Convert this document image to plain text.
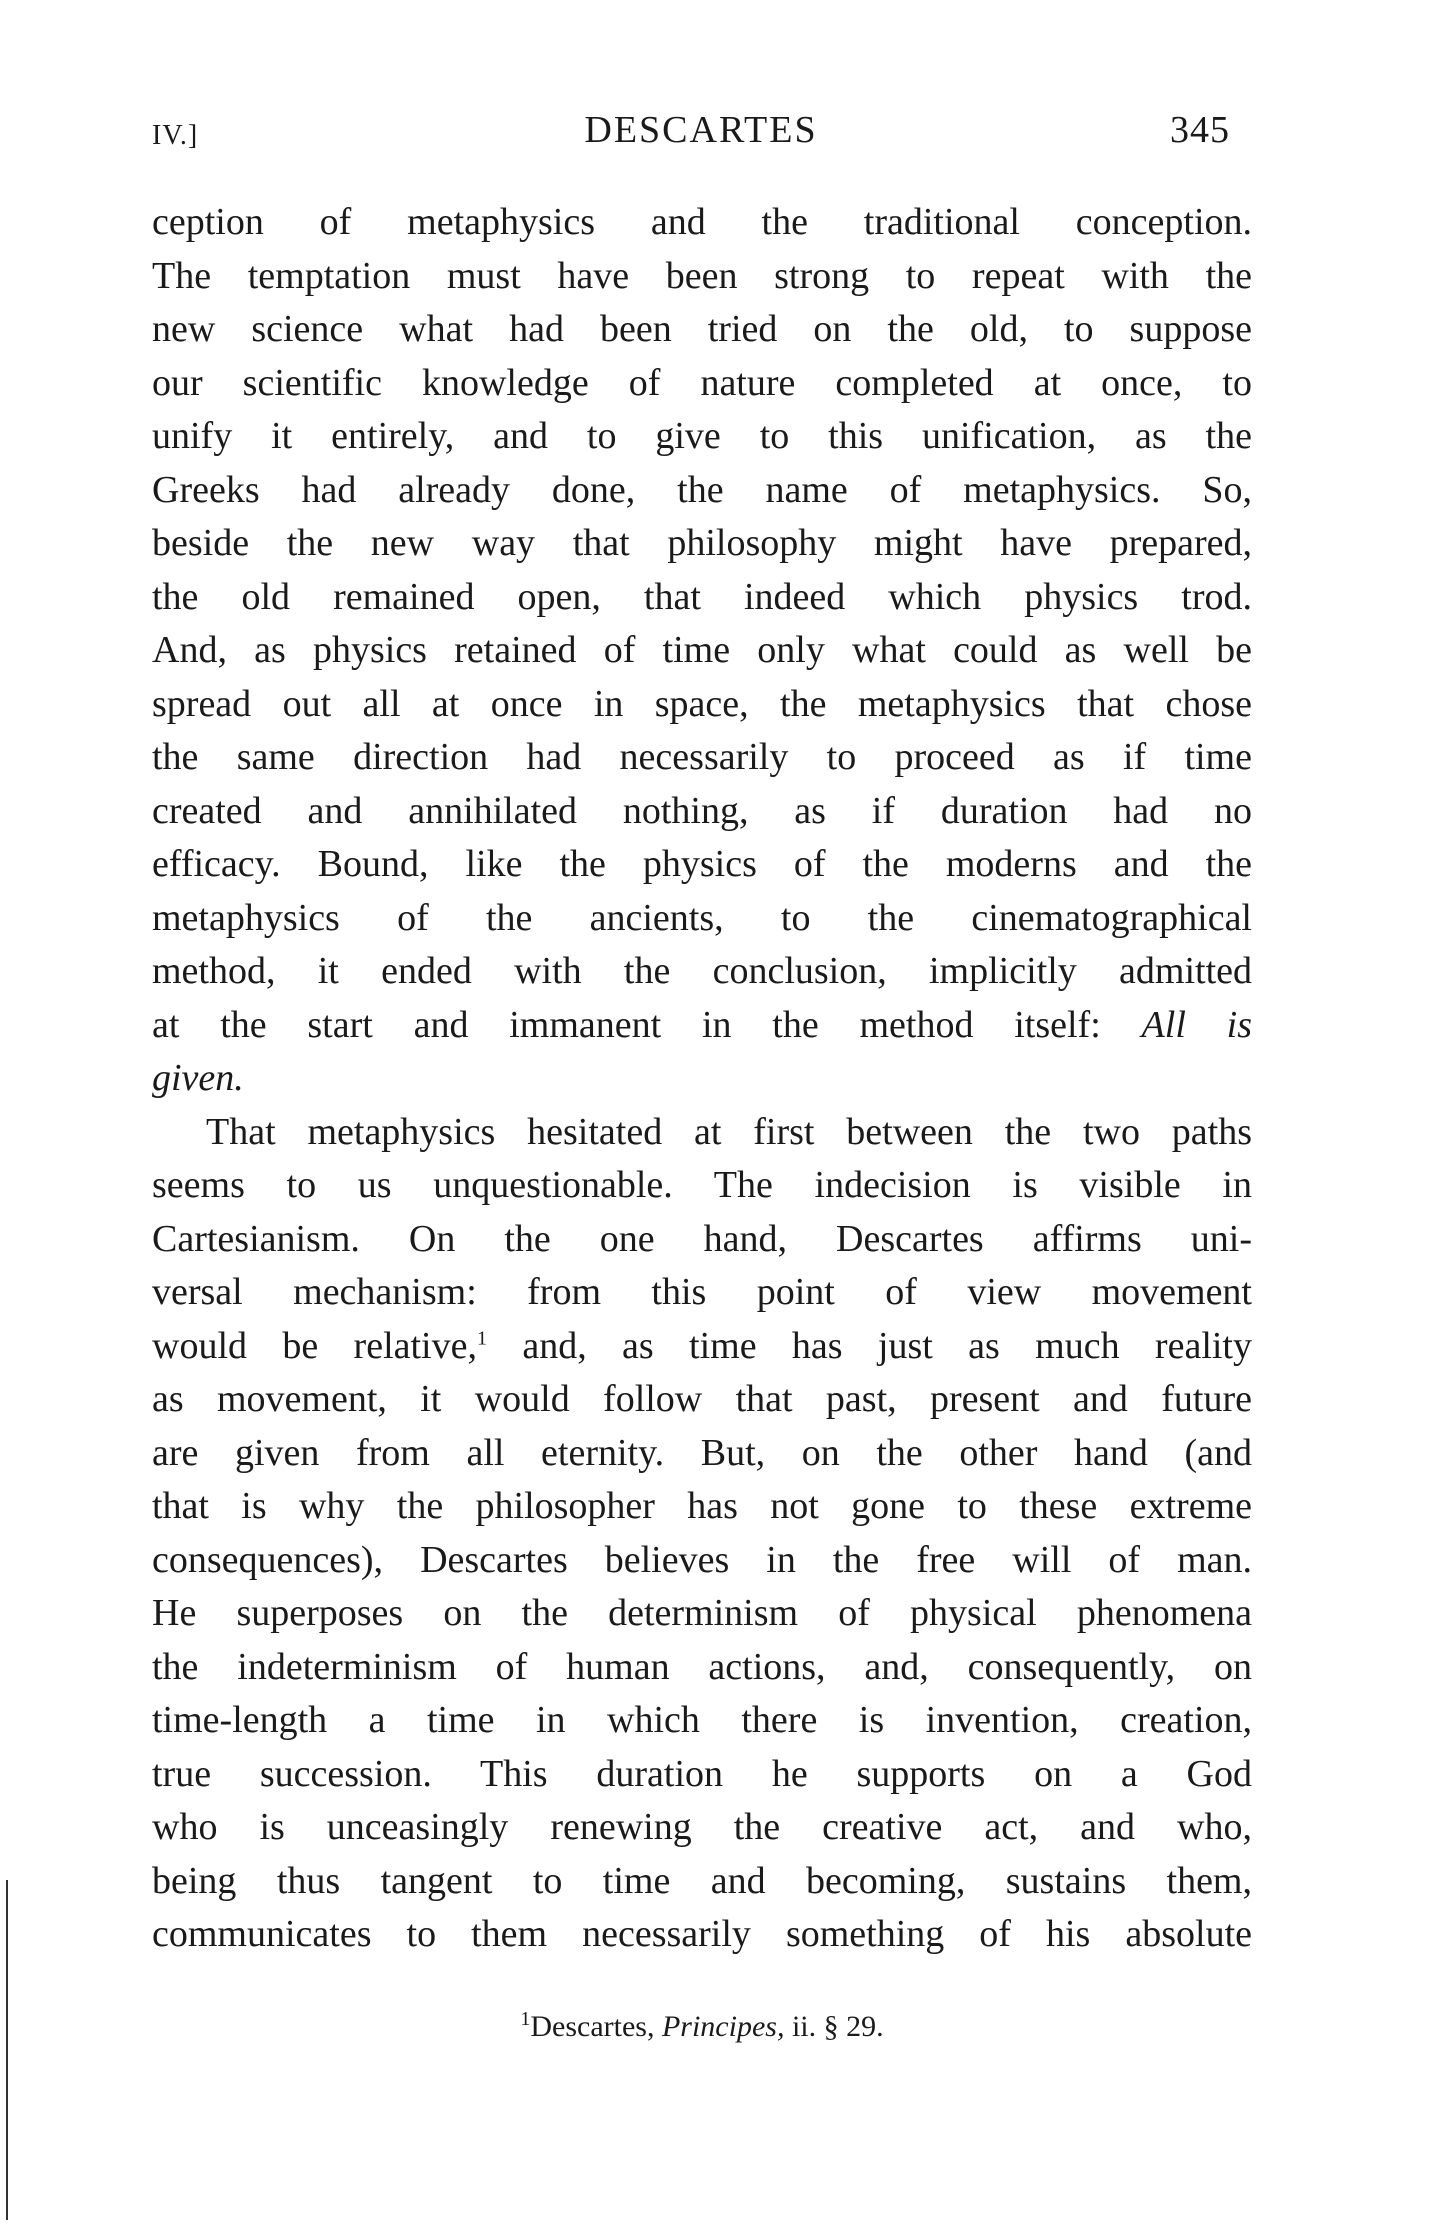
IV.]	DESCARTES	345
ception of metaphysics and the traditional conception.
The temptation must have been strong to repeat with the
new science what had been tried on the old, to suppose
our scientific knowledge of nature completed at once, to
unify it entirely, and to give to this unification, as the
Greeks had already done, the name of metaphysics. So,
beside the new way that philosophy might have prepared,
the old remained open, that indeed which physics trod.
And, as physics retained of time only what could as well be
spread out all at once in space, the metaphysics that chose
the same direction had necessarily to proceed as if time
created and annihilated nothing, as if duration had no
efficacy. Bound, like the physics of the moderns and the
metaphysics of the ancients, to the cinematographical
method, it ended with the conclusion, implicitly admitted
at the start and immanent in the method itself: All is
given.
That metaphysics hesitated at first between the two paths
seems to us unquestionable. The indecision is visible in
Cartesianism. On the one hand, Descartes affirms uni-
versal mechanism: from this point of view movement
would be relative,$^1$ and, as time has just as much reality
as movement, it would follow that past, present and future
are given from all eternity. But, on the other hand (and
that is why the philosopher has not gone to these extreme
consequences), Descartes believes in the free will of man.
He superposes on the determinism of physical phenomena
the indeterminism of human actions, and, consequently, on
time-length a time in which there is invention, creation,
true succession. This duration he supports on a God
who is unceasingly renewing the creative act, and who,
being thus tangent to time and becoming, sustains them,
communicates to them necessarily something of his absolute
$^1$Descartes, Principes, ii. § 29.
